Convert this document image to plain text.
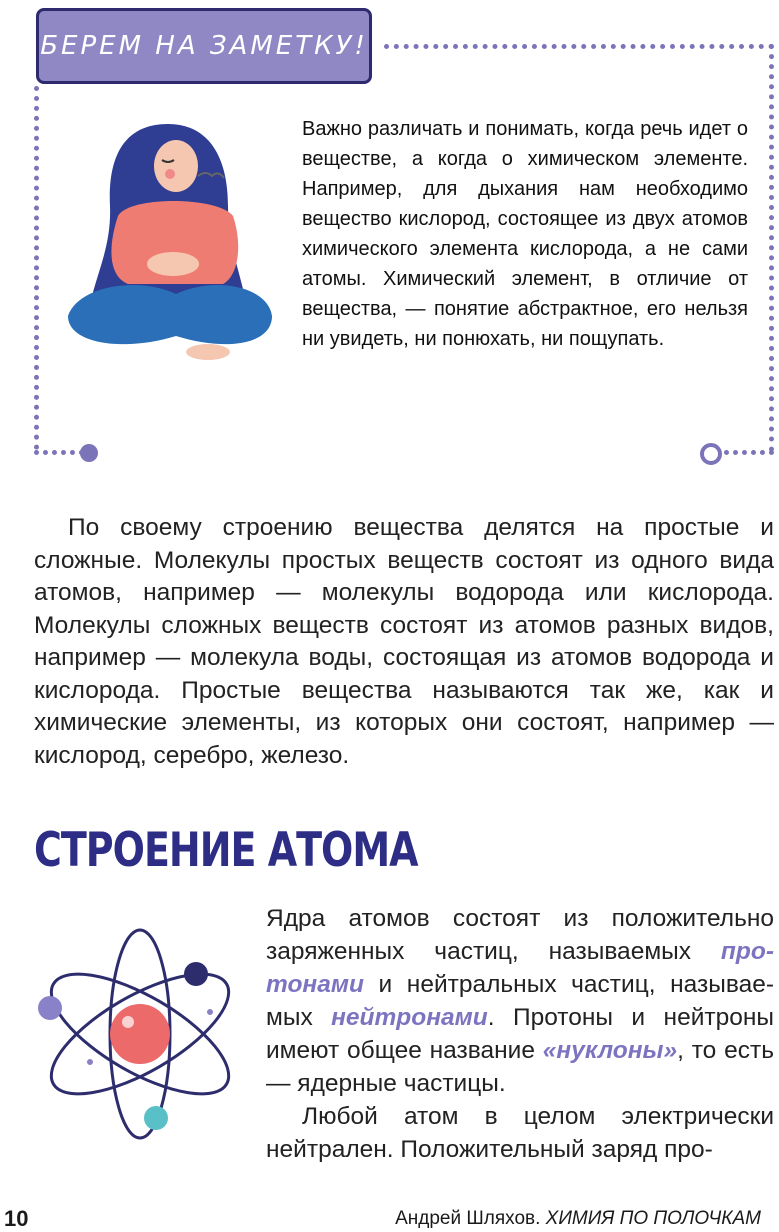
БЕРЕМ НА ЗАМЕТКУ!
Важно различать и понимать, когда речь идет о веществе, а когда о химическом элементе. Например, для дыхания нам необходимо вещество кислород, состоящее из двух атомов химического элемента кислорода, а не сами атомы. Химический элемент, в отличие от вещества, — понятие абстрактное, его нельзя ни увидеть, ни понюхать, ни пощупать.
По своему строению вещества делятся на простые и сложные. Молекулы простых веществ состоят из одного вида атомов, например — молекулы водорода или кислорода. Молекулы сложных веществ состоят из атомов разных видов, например — молекула воды, состоящая из атомов водорода и кислорода. Простые вещества называются так же, как и химические элементы, из которых они состоят, например — кислород, серебро, железо.
СТРОЕНИЕ АТОМА

Ядра атомов состоят из положительно заряженных частиц, называемых протонами и нейтральных частиц, называемых нейтронами. Протоны и нейтроны имеют общее название «нуклоны», то есть — ядерные частицы.

Любой атом в целом электрически нейтрален. Положительный заряд про-

10	Андрей Шляхов. ХИМИЯ ПО ПОЛОЧКАМ
